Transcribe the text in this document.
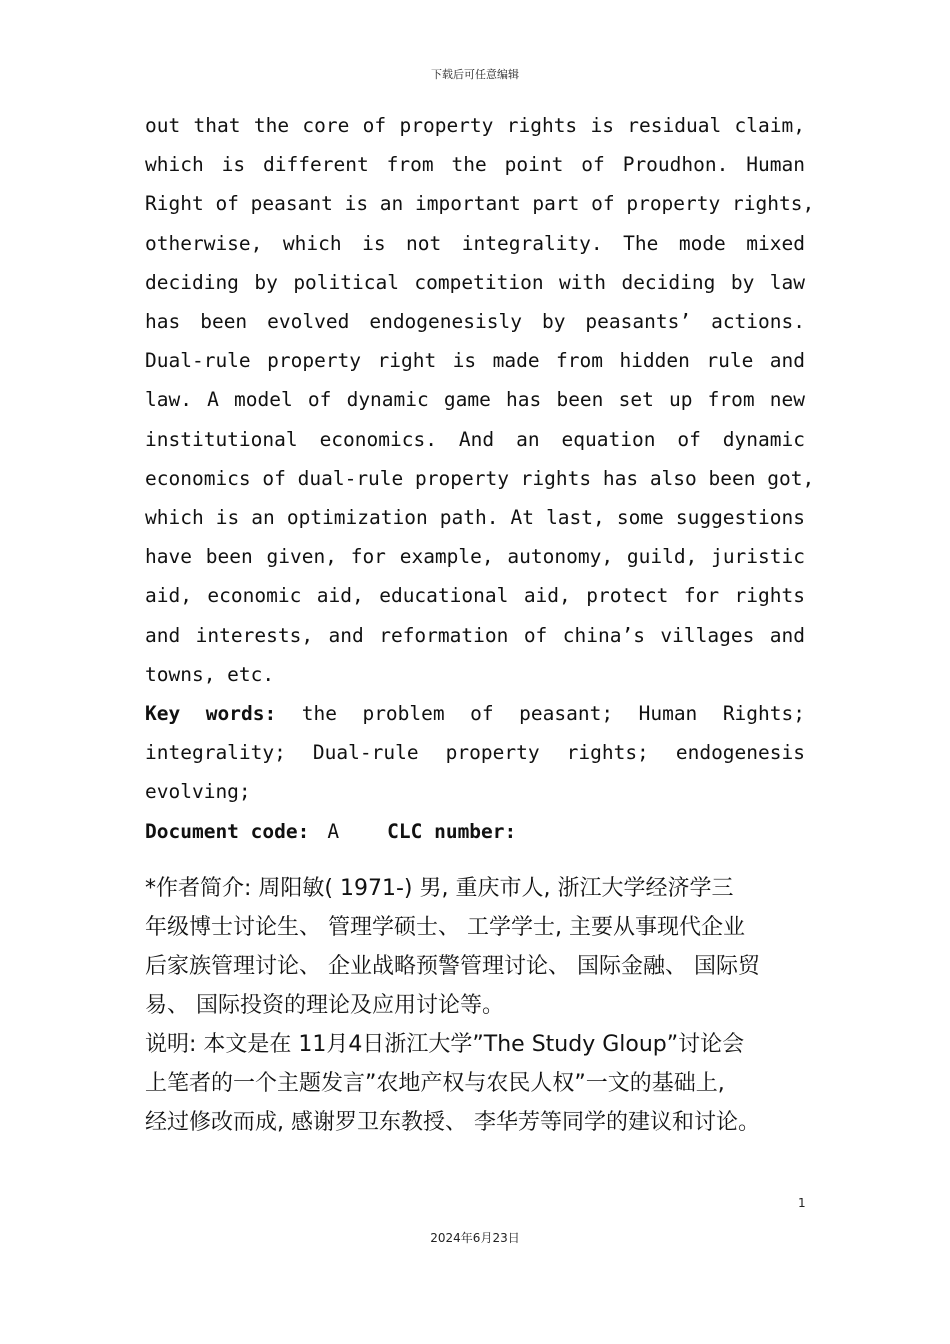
下载后可任意编辑

out that the core of property rights is residual claim,

which is different from the point of Proudhon. Human

Right of peasant is an important part of property rights,

otherwise, which is not integrality. The mode mixed

deciding by political competition with deciding by law

has been evolved endogenesisly by peasants’ actions.

Dual-rule property right is made from hidden rule and

law. A model of dynamic game has been set up from new

institutional economics. And an equation of dynamic

economics of dual-rule property rights has also been got,

which is an optimization path. At last, some suggestions

have been given, for example, autonomy, guild, juristic

aid, economic aid, educational aid, protect for rights

and interests, and reformation of china’s villages and

towns, etc.

Key words: the problem of peasant; Human Rights;

integrality; Dual-rule property rights; endogenesis

evolving;

Document code: A CLC number:

*作者简介: 周阳敏( 1971-) 男, 重庆市人, 浙江大学经济学三

年级博士讨论生、 管理学硕士、 工学学士, 主要从事现代企业

后家族管理讨论、 企业战略预警管理讨论、 国际金融、 国际贸

易、 国际投资的理论及应用讨论等。

说明: 本文是在 11月4日浙江大学”The Study Gloup”讨论会

上笔者的一个主题发言”农地产权与农民人权”一文的基础上,

经过修改而成, 感谢罗卫东教授、 李华芳等同学的建议和讨论。

1
2024年6月23日
